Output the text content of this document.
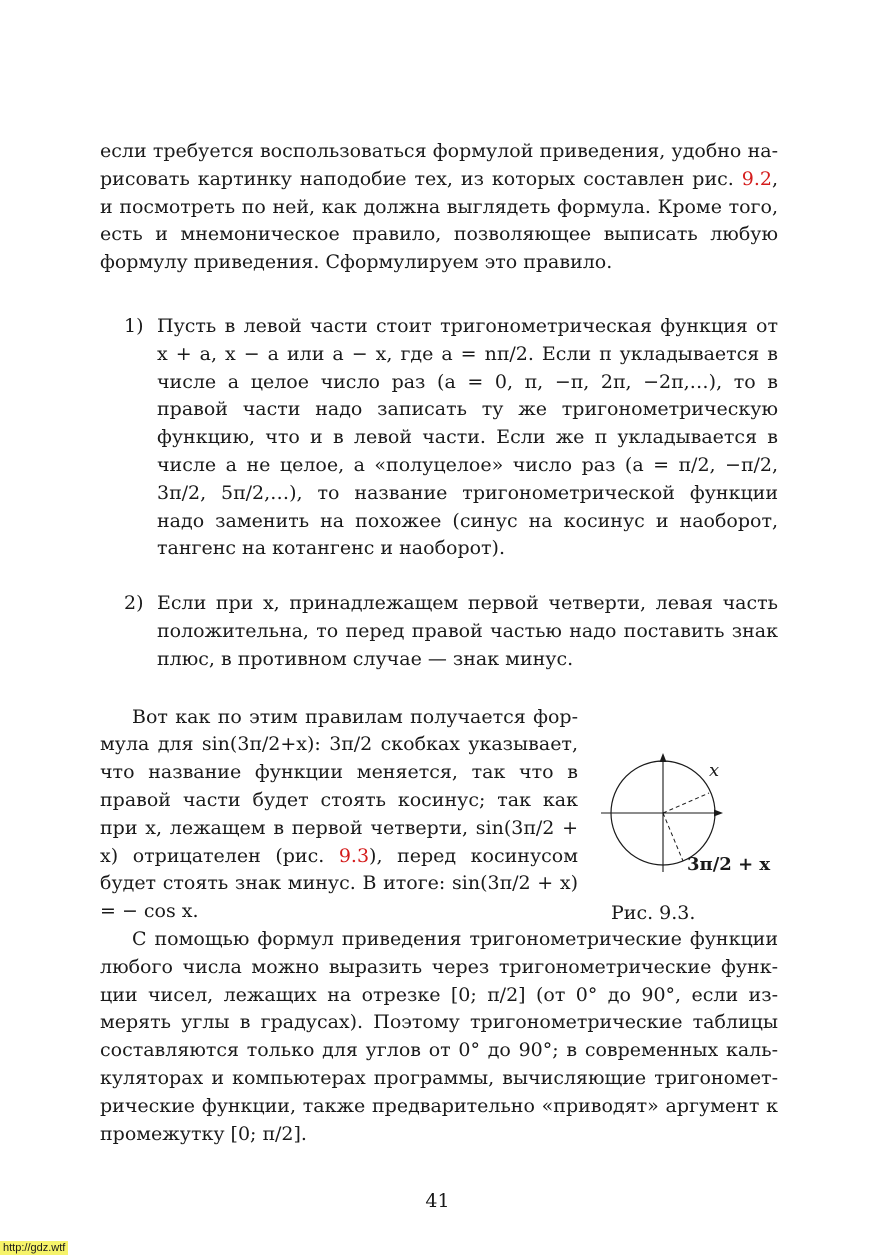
если требуется воспользоваться формулой приведения, удобно нарисовать картинку наподобие тех, из которых составлен рис. 9.2, и посмотреть по ней, как должна выглядеть формула. Кроме того, есть и мнемоническое правило, позволяющее выписать любую формулу приведения. Сформулируем это правило.

1) Пусть в левой части стоит тригонометрическая функция от x + a, x − a или a − x, где a = nπ/2. Если π укладывается в числе a целое число раз (a = 0, π, −π, 2π, −2π,…), то в правой части надо записать ту же тригонометрическую функцию, что и в левой части. Если же π укладывается в числе a не целое, а «полуцелое» число раз (a = π/2, −π/2, 3π/2, 5π/2,…), то название тригонометрической функции надо заменить на похожее (синус на косинус и наоборот, тангенс на котангенс и наоборот).
2) Если при x, принадлежащем первой четверти, левая часть положительна, то перед правой частью надо поставить знак плюс, в противном случае — знак минус.

Вот как по этим правилам получается формула для sin(3π/2+x): 3π/2 скобках указывает, что название функции меняется, так что в правой части будет стоять косинус; так как при x, лежащем в первой четверти, sin(3π/2 + x) отрицателен (рис. 9.3), перед косинусом будет стоять знак минус. В итоге: sin(3π/2 + x) = − cos x.

x
3π/2 + x
Рис. 9.3.

С помощью формул приведения тригонометрические функции любого числа можно выразить через тригонометрические функции чисел, лежащих на отрезке [0; π/2] (от 0° до 90°, если измерять углы в градусах). Поэтому тригонометрические таблицы составляются только для углов от 0° до 90°; в современных калькуляторах и компьютерах программы, вычисляющие тригонометрические функции, также предварительно «приводят» аргумент к промежутку [0; π/2].

41
http://gdz.wtf
